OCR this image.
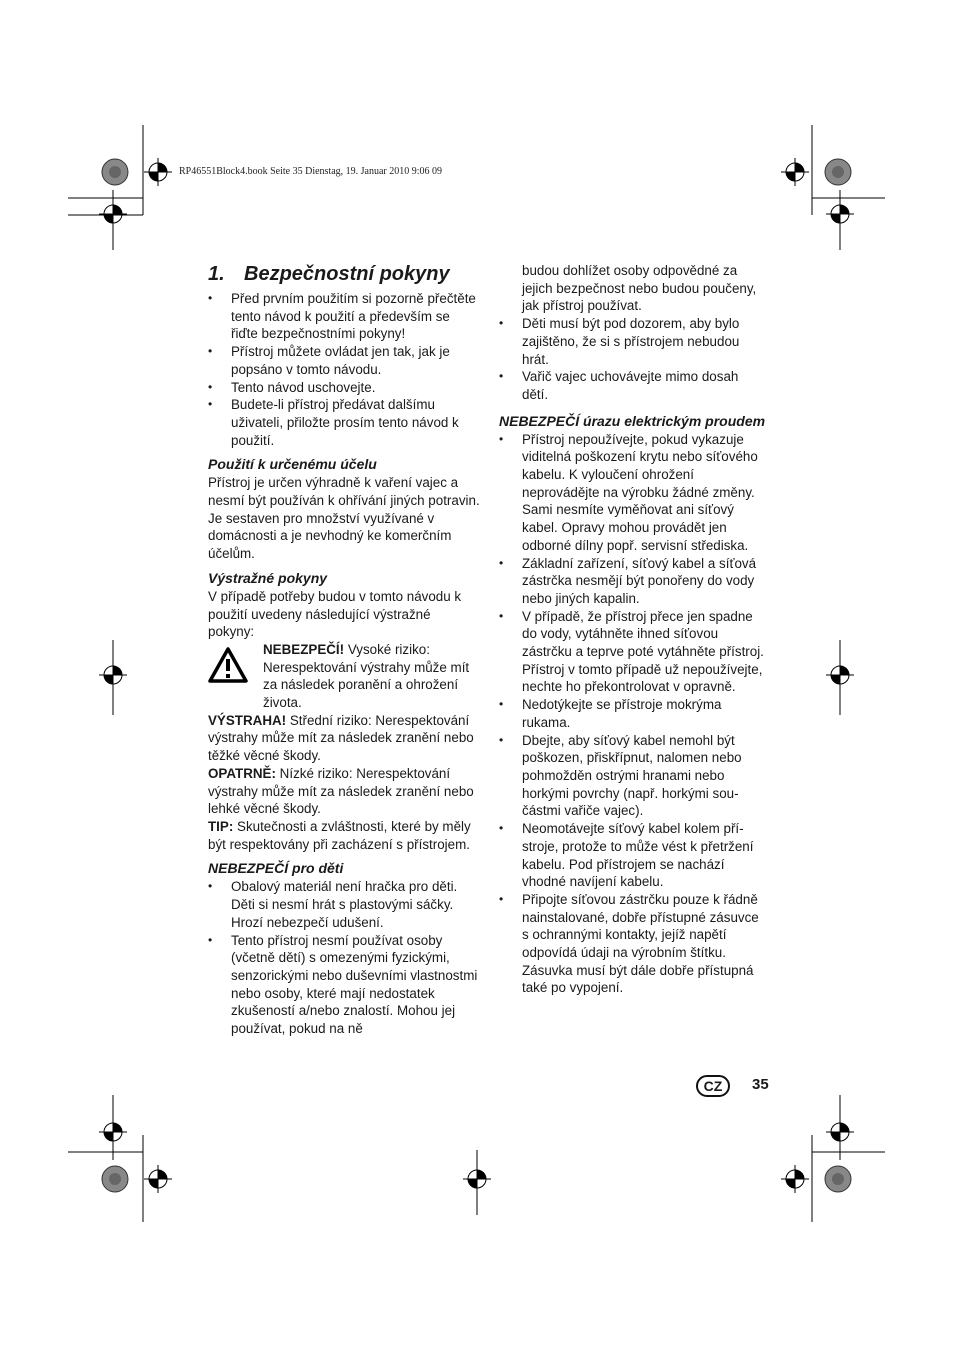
RP46551Block4.book Seite 35 Dienstag, 19. Januar 2010 9:06 09
1. Bezpečnostní pokyny
• Před prvním použitím si pozorně přečtěte tento návod k použití a především se řiďte bezpečnostními pokyny!
• Přístroj můžete ovládat jen tak, jak je popsáno v tomto návodu.
• Tento návod uschovejte.
• Budete-li přístroj předávat dalšímu uživateli, přiložte prosím tento návod k použití.
Použití k určenému účelu

Přístroj je určen výhradně k vaření vajec a nesmí být používán k ohřívání jiných potravin. Je sestaven pro množství využívané v domácnosti a je nevhodný ke komerčním účelům.

Výstražné pokyny

V případě potřeby budou v tomto návodu k použití uvedeny následující výstražné pokyny:

NEBEZPEČÍ! Vysoké riziko: Nerespektování výstrahy může mít za následek poranění a ohrožení života.

VÝSTRAHA! Střední riziko: Nerespektování výstrahy může mít za následek zranění nebo těžké věcné škody.

OPATRNĚ: Nízké riziko: Nerespektování výstrahy může mít za následek zranění nebo lehké věcné škody.

TIP: Skutečnosti a zvláštnosti, které by měly být respektovány při zacházení s přístrojem.

NEBEZPEČÍ pro děti
• Obalový materiál není hračka pro děti. Děti si nesmí hrát s plastovými sáčky. Hrozí nebezpečí udušení.
• Tento přístroj nesmí používat osoby (včetně dětí) s omezenými fyzickými, senzorickými nebo duševními vlastnostmi nebo osoby, které mají nedostatek zkušeností a/nebo znalostí. Mohou jej používat, pokud na ně

budou dohlížet osoby odpovědné za jejich bezpečnost nebo budou poučeny, jak přístroj používat.

• Děti musí být pod dozorem, aby bylo zajištěno, že si s přístrojem nebudou hrát.
• Vařič vajec uchovávejte mimo dosah dětí.
NEBEZPEČÍ úrazu elektrickým proudem
• Přístroj nepoužívejte, pokud vykazuje viditelná poškození krytu nebo síťového kabelu. K vyloučení ohrožení neprovádějte na výrobku žádné změny. Sami nesmíte vyměňovat ani síťový kabel. Opravy mohou provádět jen odborné dílny popř. servisní střediska.
• Základní zařízení, síťový kabel a síťová zástrčka nesmějí být ponořeny do vody nebo jiných kapalin.
• V případě, že přístroj přece jen spadne do vody, vytáhněte ihned síťovou zástrčku a teprve poté vytáhněte přístroj. Přístroj v tomto případě už nepoužívejte, nechte ho překontrolovat v opravně.
• Nedotýkejte se přístroje mokrýma rukama.
• Dbejte, aby síťový kabel nemohl být poškozen, přiskřípnut, nalomen nebo pohmožděn ostrými hranami nebo horkými povrchy (např. horkými součástmi vařiče vajec).
• Neomotávejte síťový kabel kolem přístroje, protože to může vést k přetržení kabelu. Pod přístrojem se nachází vhodné navíjení kabelu.
• Připojte síťovou zástrčku pouze k řádně nainstalované, dobře přístupné zásuvce s ochrannými kontakty, jejíž napětí odpovídá údaji na výrobním štítku. Zásuvka musí být dále dobře přístupná také po vypojení.
CZ	35
